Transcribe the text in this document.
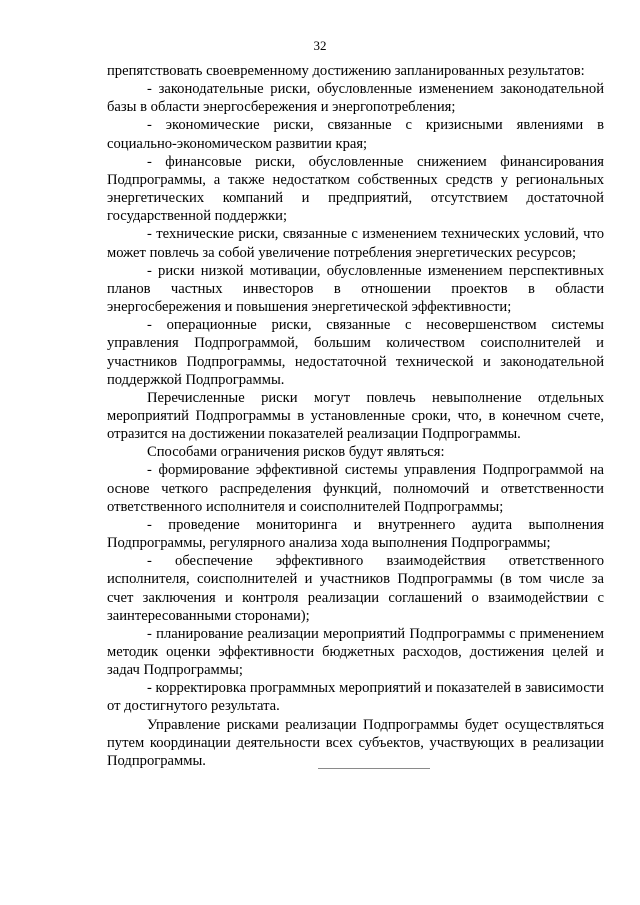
32

препятствовать своевременному достижению запланированных результатов:

- законодательные риски, обусловленные изменением законодательной базы в области энергосбережения и энергопотребления;

- экономические риски, связанные с кризисными явлениями в социально-экономическом развитии края;

- финансовые риски, обусловленные снижением финансирования Подпрограммы, а также недостатком собственных средств у региональных энергетических компаний и предприятий, отсутствием достаточной государственной поддержки;

- технические риски, связанные с изменением технических условий, что может повлечь за собой увеличение потребления энергетических ресурсов;

- риски низкой мотивации, обусловленные изменением перспективных планов частных инвесторов в отношении проектов в области энергосбережения и повышения энергетической эффективности;

- операционные риски, связанные с несовершенством системы управления Подпрограммой, большим количеством соисполнителей и участников Подпрограммы, недостаточной технической и законодательной поддержкой Подпрограммы.

Перечисленные риски могут повлечь невыполнение отдельных мероприятий Подпрограммы в установленные сроки, что, в конечном счете, отразится на достижении показателей реализации Подпрограммы.

Способами ограничения рисков будут являться:

- формирование эффективной системы управления Подпрограммой на основе четкого распределения функций, полномочий и ответственности ответственного исполнителя и соисполнителей Подпрограммы;

- проведение мониторинга и внутреннего аудита выполнения Подпрограммы, регулярного анализа хода выполнения Подпрограммы;

- обеспечение эффективного взаимодействия ответственного исполнителя, соисполнителей и участников Подпрограммы (в том числе за счет заключения и контроля реализации соглашений о взаимодействии с заинтересованными сторонами);

- планирование реализации мероприятий Подпрограммы с применением методик оценки эффективности бюджетных расходов, достижения целей и задач Подпрограммы;

- корректировка программных мероприятий и показателей в зависимости от достигнутого результата.

Управление рисками реализации Подпрограммы будет осуществляться путем координации деятельности всех субъектов, участвующих в реализации Подпрограммы.
